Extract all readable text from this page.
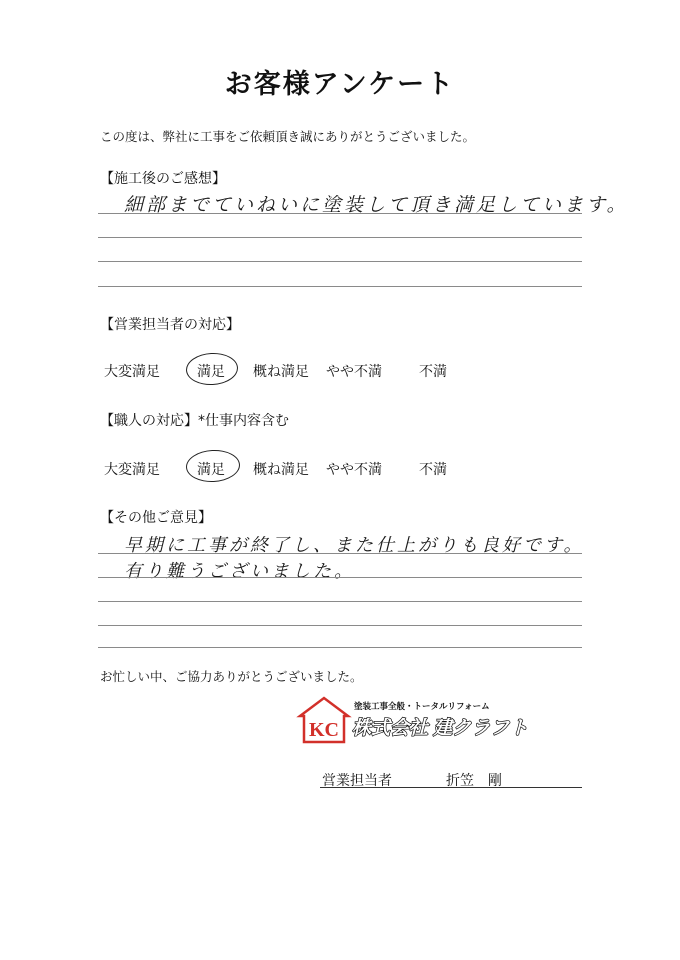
お客様アンケート
この度は、弊社に工事をご依頼頂き誠にありがとうございました。
【施工後のご感想】
細部までていねいに塗装して頂き満足しています。
【営業担当者の対応】
大変満足	満足 概ね満足 やや不満	不満
【職人の対応】*仕事内容含む
大変満足	満足 概ね満足 やや不満	不満
【その他ご意見】
早期に工事が終了し、また仕上がりも良好です。
有り難うございました。
お忙しい中、ご協力ありがとうございました。
KC
塗装工事全般・トータルリフォーム
株式会社 建クラフト
営業担当者	折笠　剛
